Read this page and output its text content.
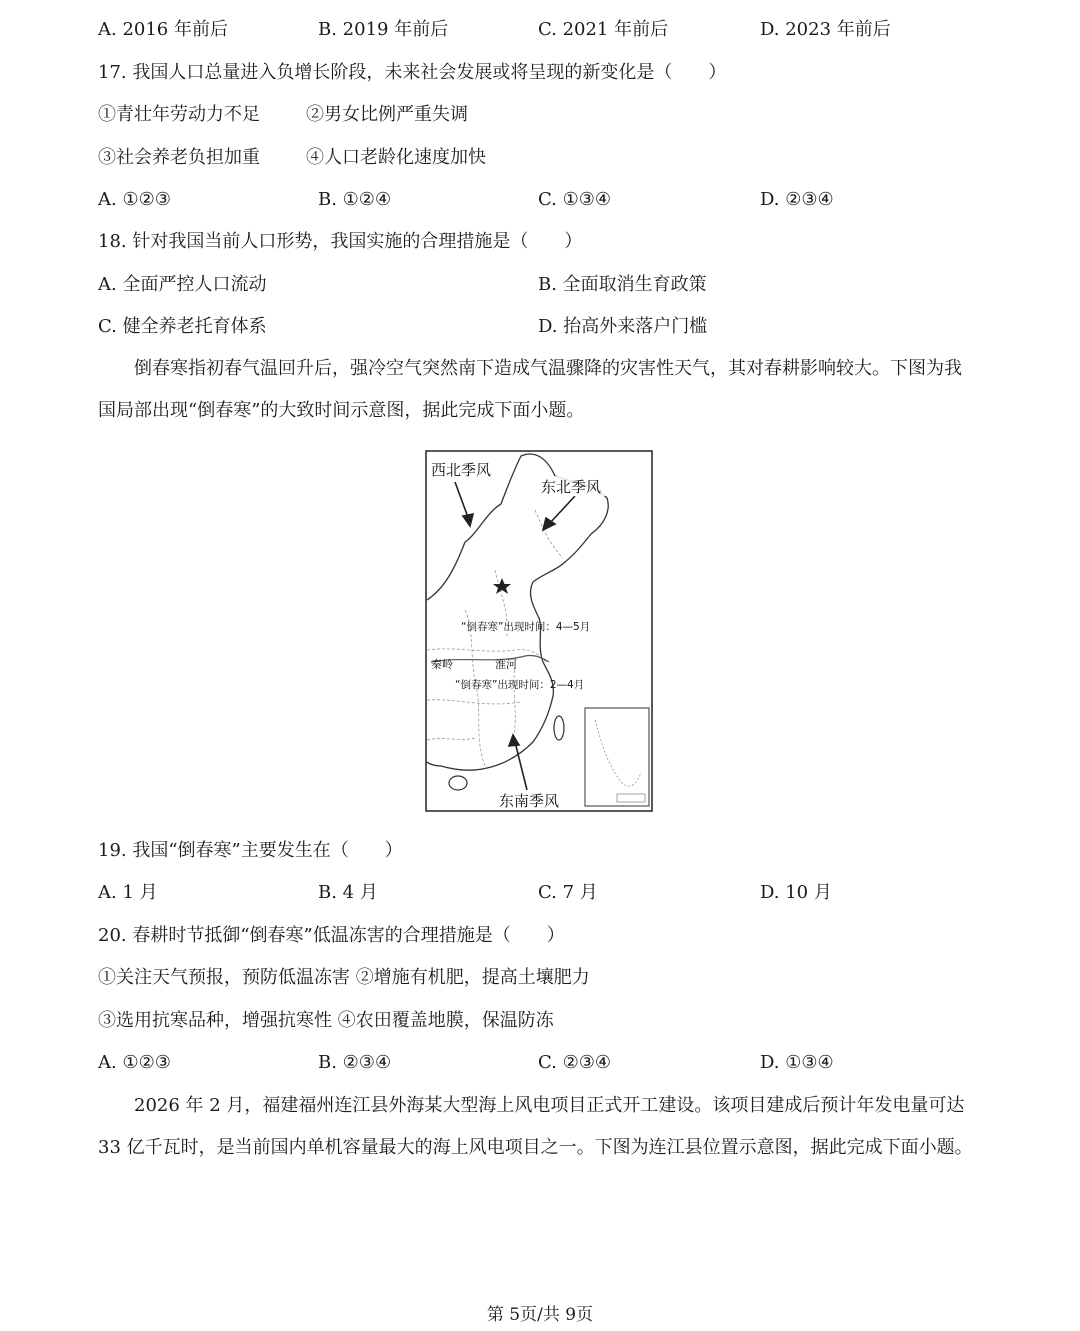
A. 2016 年前后	B. 2019 年前后	C. 2021 年前后	D. 2023 年前后
17. 我国人口总量进入负增长阶段，未来社会发展或将呈现的新变化是（　　）
①青壮年劳动力不足	②男女比例严重失调
③社会养老负担加重	④人口老龄化速度加快
A. ①②③	B. ①②④	C. ①③④	D. ②③④
18. 针对我国当前人口形势，我国实施的合理措施是（　　）
A. 全面严控人口流动	B. 全面取消生育政策
C. 健全养老托育体系	D. 抬高外来落户门槛
倒春寒指初春气温回升后，强冷空气突然南下造成气温骤降的灾害性天气，其对春耕影响较大。下图为我国局部出现“倒春寒”的大致时间示意图，据此完成下面小题。
西北季风
东北季风
“倒春寒”出现时间：4—5月
秦岭	淮河
“倒春寒”出现时间：2—4月
东南季风
19. 我国“倒春寒”主要发生在（　　）
A. 1 月	B. 4 月	C. 7 月	D. 10 月
20. 春耕时节抵御“倒春寒”低温冻害的合理措施是（　　）
①关注天气预报，预防低温冻害 ②增施有机肥，提高土壤肥力
③选用抗寒品种，增强抗寒性 ④农田覆盖地膜，保温防冻
A. ①②③	B. ②③④	C. ②③④	D. ①③④
2026 年 2 月，福建福州连江县外海某大型海上风电项目正式开工建设。该项目建成后预计年发电量可达 33 亿千瓦时，是当前国内单机容量最大的海上风电项目之一。下图为连江县位置示意图，据此完成下面小题。
第 5页/共 9页
